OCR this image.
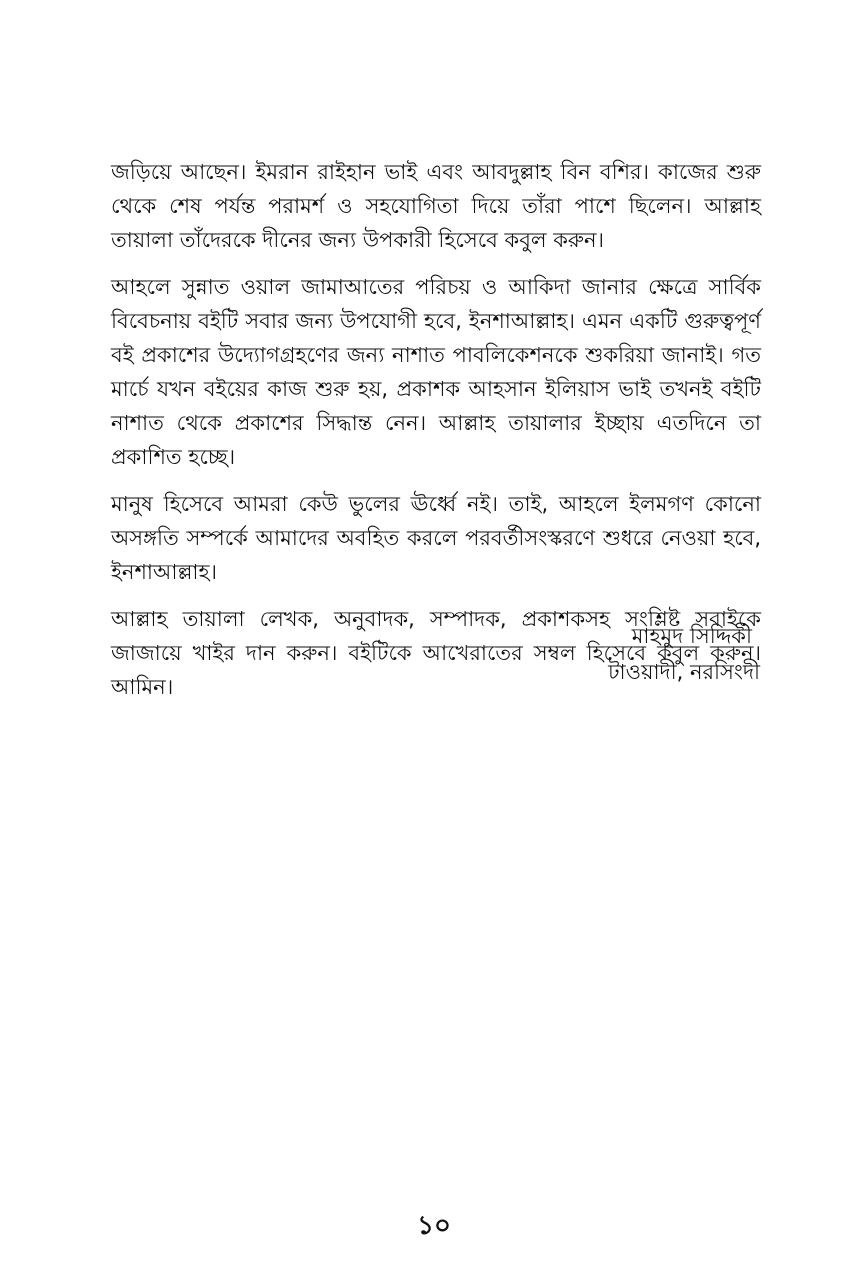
জড়িয়ে আছেন। ইমরান রাইহান ভাই এবং আবদুল্লাহ বিন বশির। কাজের শুরু থেকে শেষ পর্যন্ত পরামর্শ ও সহযোগিতা দিয়ে তাঁরা পাশে ছিলেন। আল্লাহ তায়ালা তাঁদেরকে দীনের জন্য উপকারী হিসেবে কবুল করুন।

আহলে সুন্নাত ওয়াল জামাআতের পরিচয় ও আকিদা জানার ক্ষেত্রে সার্বিক বিবেচনায় বইটি সবার জন্য উপযোগী হবে, ইনশাআল্লাহ। এমন একটি গুরুত্বপূর্ণ বই প্রকাশের উদ্যোগগ্রহণের জন্য নাশাত পাবলিকেশনকে শুকরিয়া জানাই। গত মার্চে যখন বইয়ের কাজ শুরু হয়, প্রকাশক আহসান ইলিয়াস ভাই তখনই বইটি নাশাত থেকে প্রকাশের সিদ্ধান্ত নেন। আল্লাহ তায়ালার ইচ্ছায় এতদিনে তা প্রকাশিত হচ্ছে।

মানুষ হিসেবে আমরা কেউ ভুলের ঊর্ধ্বে নই। তাই, আহলে ইলমগণ কোনো অসঙ্গতি সম্পর্কে আমাদের অবহিত করলে পরবর্তীসংস্করণে শুধরে নেওয়া হবে, ইনশাআল্লাহ।

আল্লাহ তায়ালা লেখক, অনুবাদক, সম্পাদক, প্রকাশকসহ সংশ্লিষ্ট সবাইকে জাজায়ে খাইর দান করুন। বইটিকে আখেরাতের সম্বল হিসেবে কবুল করুন। আমিন।

মাহমুদ সিদ্দিকী

টাওয়াদী, নরসিংদী

১০
